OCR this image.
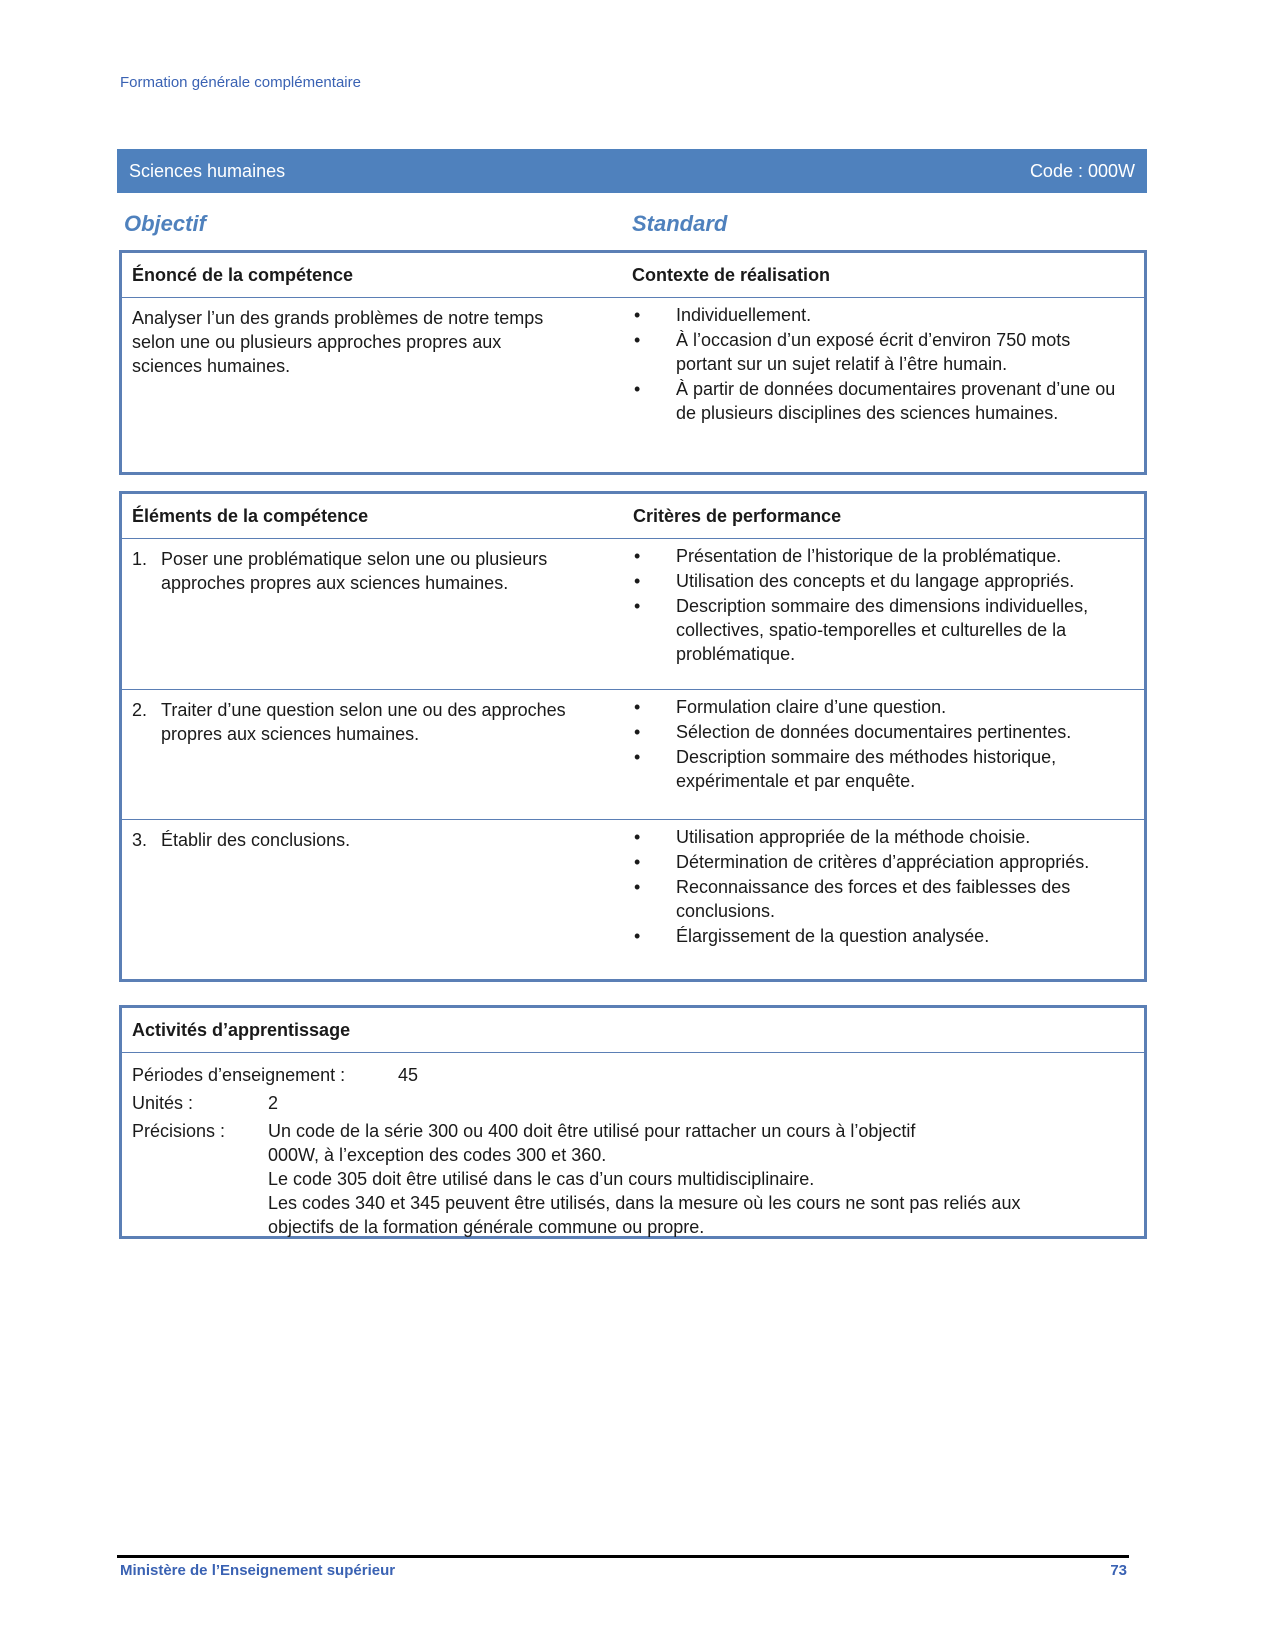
Formation générale complémentaire
Sciences humaines	Code : 000W
Objectif	Standard
Énoncé de la compétence	Contexte de réalisation
Analyser l’un des grands problèmes de notre temps selon une ou plusieurs approches propres aux sciences humaines.
• Individuellement.
• À l’occasion d’un exposé écrit d’environ 750 mots portant sur un sujet relatif à l’être humain.
• À partir de données documentaires provenant d’une ou de plusieurs disciplines des sciences humaines.
Éléments de la compétence	Critères de performance
1. Poser une problématique selon une ou plusieurs approches propres aux sciences humaines.
• Présentation de l’historique de la problématique.
• Utilisation des concepts et du langage appropriés.
• Description sommaire des dimensions individuelles, collectives, spatio-temporelles et culturelles de la problématique.
2. Traiter d’une question selon une ou des approches propres aux sciences humaines.
• Formulation claire d’une question.
• Sélection de données documentaires pertinentes.
• Description sommaire des méthodes historique, expérimentale et par enquête.
3. Établir des conclusions.	• Utilisation appropriée de la méthode choisie.
• Détermination de critères d’appréciation appropriés.
• Reconnaissance des forces et des faiblesses des conclusions.
• Élargissement de la question analysée.
Activités d’apprentissage
Périodes d’enseignement :	45
Unités :	2
Précisions : Un code de la série 300 ou 400 doit être utilisé pour rattacher un cours à l’objectif 000W, à l’exception des codes 300 et 360.
Le code 305 doit être utilisé dans le cas d’un cours multidisciplinaire.
Les codes 340 et 345 peuvent être utilisés, dans la mesure où les cours ne sont pas reliés aux objectifs de la formation générale commune ou propre.
Ministère de l’Enseignement supérieur	73
